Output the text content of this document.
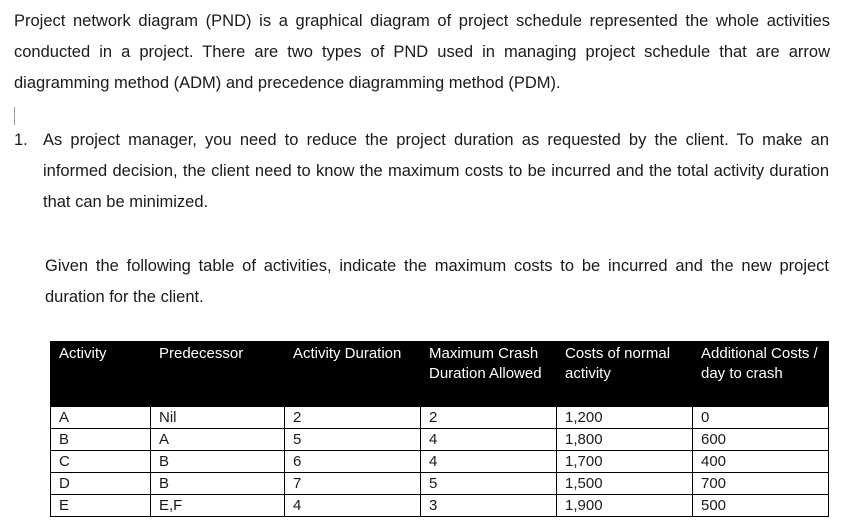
Project network diagram (PND) is a graphical diagram of project schedule represented the whole activities conducted in a project. There are two types of PND used in managing project schedule that are arrow diagramming method (ADM) and precedence diagramming method (PDM).

1. As project manager, you need to reduce the project duration as requested by the client. To make an informed decision, the client need to know the maximum costs to be incurred and the total activity duration that can be minimized.

Given the following table of activities, indicate the maximum costs to be incurred and the new project duration for the client.

Activity	Predecessor	Activity Duration	Maximum Crash Duration Allowed	Costs of normal activity	Additional Costs / day to crash
A	Nil	2	2	1,200	0
B	A	5	4	1,800	600
C	B	6	4	1,700	400
D	B	7	5	1,500	700
E	E,F	4	3	1,900	500
